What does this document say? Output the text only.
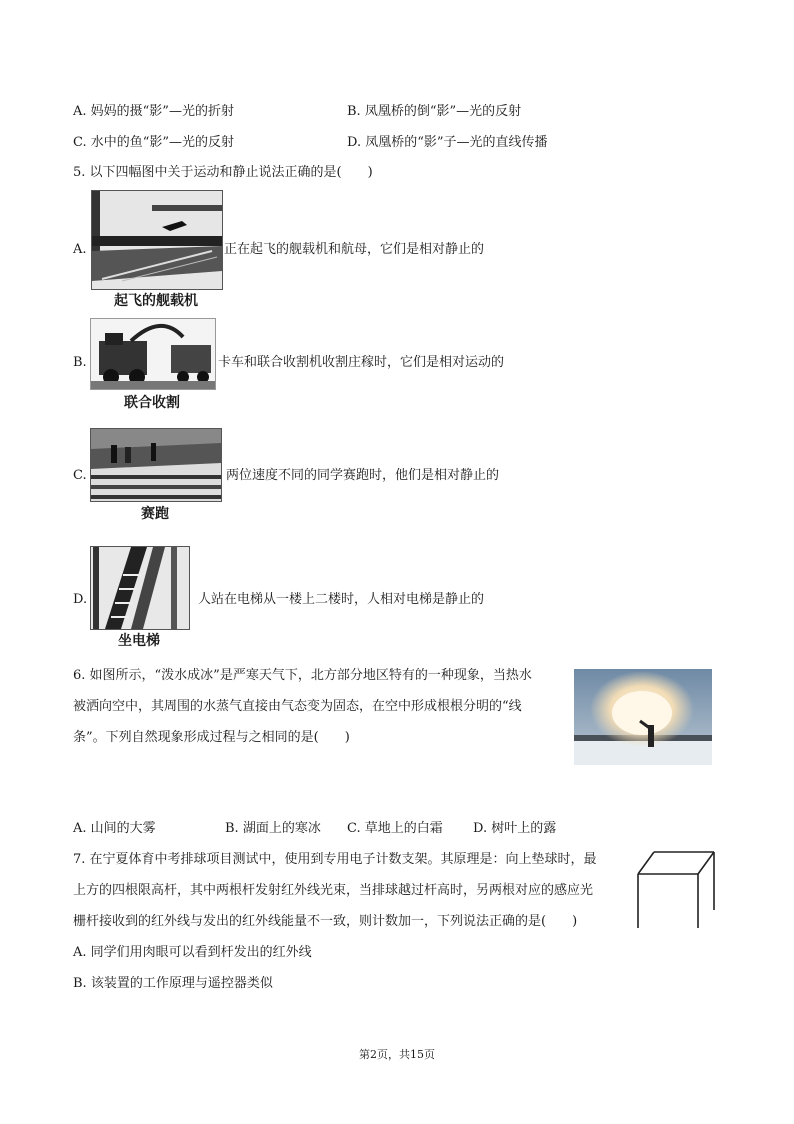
A. 妈妈的摄“影”—光的折射	B. 凤凰桥的倒“影”—光的反射
C. 水中的鱼“影”—光的反射	D. 凤凰桥的“影”子—光的直线传播
5. 以下四幅图中关于运动和静止说法正确的是(　　)
A.
起飞的舰载机
正在起飞的舰载机和航母，它们是相对静止的
B.
联合收割
卡车和联合收割机收割庄稼时，它们是相对运动的
C.
赛跑
两位速度不同的同学赛跑时，他们是相对静止的
D.
坐电梯
人站在电梯从一楼上二楼时，人相对电梯是静止的
6. 如图所示，“泼水成冰”是严寒天气下，北方部分地区特有的一种现象，当热水
被洒向空中，其周围的水蒸气直接由气态变为固态，在空中形成根根分明的“线
条”。下列自然现象形成过程与之相同的是(　　)
A. 山间的大雾	B. 湖面上的寒冰 C. 草地上的白霜 D. 树叶上的露
7. 在宁夏体育中考排球项目测试中，使用到专用电子计数支架。其原理是：向上垫球时，最
上方的四根限高杆，其中两根杆发射红外线光束，当排球越过杆高时，另两根对应的感应光
栅杆接收到的红外线与发出的红外线能量不一致，则计数加一，下列说法正确的是(　　)
A. 同学们用肉眼可以看到杆发出的红外线
B. 该装置的工作原理与遥控器类似
第2页，共15页
